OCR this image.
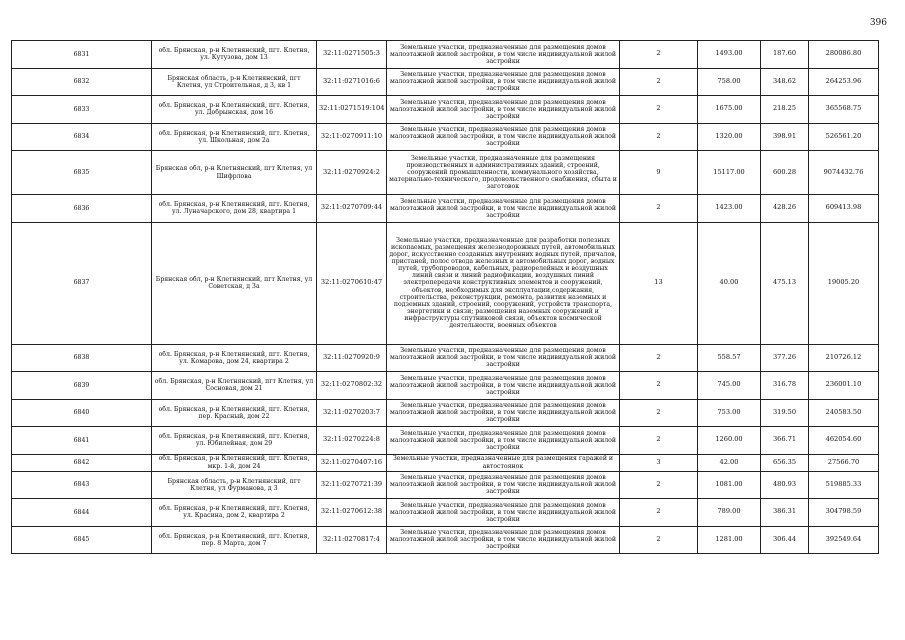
396
6831	обл. Брянская, р-н Клетнянский, пгт. Клетня, ул. Кутузова, дом 13	32:11:0271505:3	Земельные участки, предназначенные для размещения домов малоэтажной жилой застройки, в том числе индивидуальной жилой застройки	2	1493.00	187.60	280086.80
6832	Брянская область, р-н Клетнянский, пгт Клетня, ул Строительная, д 3, кв 1	32:11:0271016:6	Земельные участки, предназначенные для размещения домов малоэтажной жилой застройки, в том числе индивидуальной жилой застройки	2	758.00	348.62	264253.96
6833	обл. Брянская, р-н Клетнянский, пгт. Клетня, ул. Добрынская, дом 16	32:11:0271519:104	Земельные участки, предназначенные для размещения домов малоэтажной жилой застройки, в том числе индивидуальной жилой застройки	2	1675.00	218.25	365568.75
6834	обл. Брянская, р-н Клетнянский, пгт. Клетня, ул. Школьная, дом 2а	32:11:0270911:10	Земельные участки, предназначенные для размещения домов малоэтажной жилой застройки, в том числе индивидуальной жилой застройки	2	1320.00	398.91	526561.20
6835	Брянская обл, р-н Клетнянский, пгт Клетня, ул Шифрлова	32:11:0270924:2	Земельные участки, предназначенные для размещения производственных и административных зданий, строений, сооружений промышленности, коммунального хозяйства, материально-технического, продовольственного снабжения, сбыта и заготовок	9	15117.00	600.28	9074432.76
6836	обл. Брянская, р-н Клетнянский, пгт. Клетня, ул. Луначарского, дом 28, квартира 1	32:11:0270709:44	Земельные участки, предназначенные для размещения домов малоэтажной жилой застройки, в том числе индивидуальной жилой застройки	2	1423.00	428.26	609413.98
6837	Брянская обл, р-н Клетнянский, пгт Клетня, ул Советская, д 3а	32:11:0270610:47	Земельные участки, предназначенные для разработки полезных ископаемых, размещения железнодорожных путей, автомобильных дорог, искусственно созданных внутренних водных путей, причалов, пристаней, полос отвода железных и автомобильных дорог, водных путей, трубопроводов, кабельных, радиорелейных и воздушных линий связи и линий радиофикации, воздушных линий электропередачи конструктивных элементов и сооружений, объектов, необходимых для эксплуатации,содержания, строительства, реконструкции, ремонта, развития наземных и подземных зданий, строений, сооружений, устройств транспорта, энергетики и связи; размещения наземных сооружений и инфраструктуры спутниковой связи, объектов космической деятельности, военных объектов	13	40.00	475.13	19005.20
6838	обл. Брянская, р-н Клетнянский, пгт. Клетня, ул. Комарова, дом 24, квартира 2	32:11:0270920:9	Земельные участки, предназначенные для размещения домов малоэтажной жилой застройки, в том числе индивидуальной жилой застройки	2	558.57	377.26	210726.12
6839	обл. Брянская, р-н Клетнянский, пгт Клетня, ул Сосновая, дом 21	32:11:0270802:32	Земельные участки, предназначенные для размещения домов малоэтажной жилой застройки, в том числе индивидуальной жилой застройки	2	745.00	316.78	236001.10
6840	обл. Брянская, р-н Клетнянский, пгт. Клетня, пер. Красный, дом 22	32:11:0270203:7	Земельные участки, предназначенные для размещения домов малоэтажной жилой застройки, в том числе индивидуальной жилой застройки	2	753.00	319.50	240583.50
6841	обл. Брянская, р-н Клетнянский, пгт. Клетня, ул. Юбилейная, дом 29	32:11:0270224:8	Земельные участки, предназначенные для размещения домов малоэтажной жилой застройки, в том числе индивидуальной жилой застройки	2	1260.00	366.71	462054.60
6842	обл. Брянская, р-н Клетнянский, пгт. Клетня, мкр. 1-й, дом 24	32:11:0270407:16	Земельные участки, предназначенные для размещения гаражей и автостоянок	3	42.00	656.35	27566.70
6843	Брянская область, р-н Клетнянский, пгт Клетня, ул Фурманова, д 3	32:11:0270721:39	Земельные участки, предназначенные для размещения домов малоэтажной жилой застройки, в том числе индивидуальной жилой застройки	2	1081.00	480.93	519885.33
6844	обл. Брянская, р-н Клетнянский, пгт. Клетня, ул. Красина, дом 2, квартира 2	32:11:0270612:38	Земельные участки, предназначенные для размещения домов малоэтажной жилой застройки, в том числе индивидуальной жилой застройки	2	789.00	386.31	304798.59
6845	обл. Брянская, р-н Клетнянский, пгт. Клетня, пер. 8 Марта, дом 7	32:11:0270817:4	Земельные участки, предназначенные для размещения домов малоэтажной жилой застройки, в том числе индивидуальной жилой застройки	2	1281.00	306.44	392549.64
